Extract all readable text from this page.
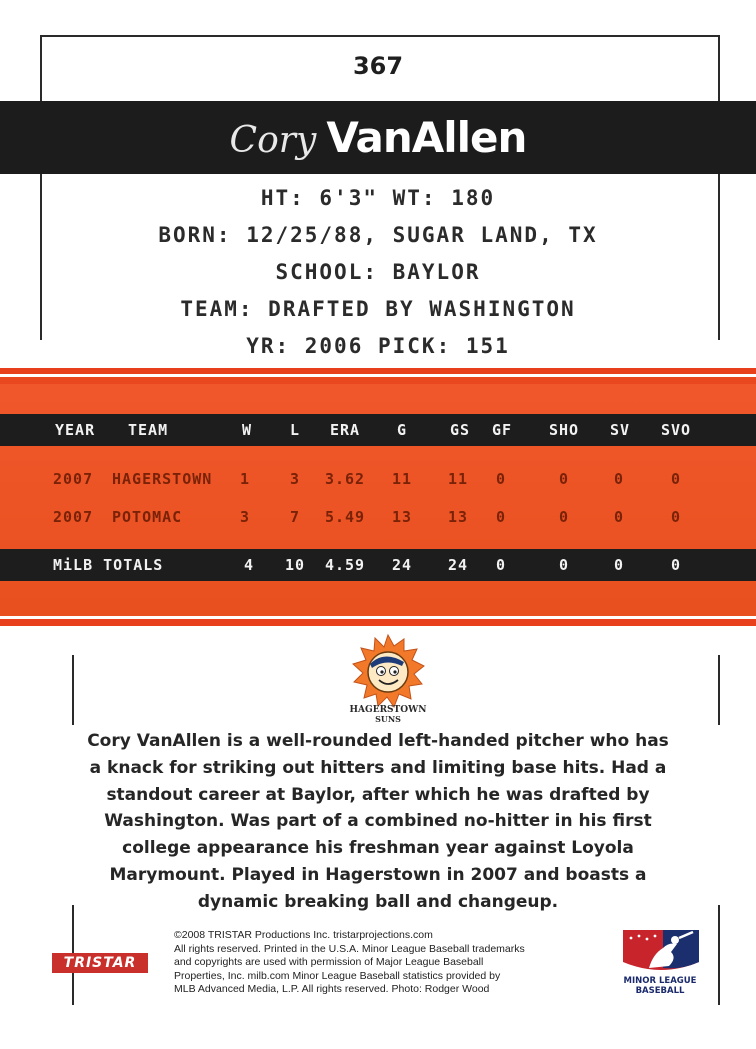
367
Cory VanAllen
HT: 6'3" WT: 180
BORN: 12/25/88, SUGAR LAND, TX
SCHOOL: BAYLOR
TEAM: DRAFTED BY WASHINGTON
YR: 2006 PICK: 151
YEAR TEAM	W	L ERA G	GS GF SHO SV SVO
2007 HAGERSTOWN 1	3 3.62 11 11 0	0	0	0
2007 POTOMAC	3	7 5.49 13 13 0	0	0	0
MiLB TOTALS	4 10 4.59 24 24 0	0	0	0
HAGERSTOWN
SUNS
Cory VanAllen is a well-rounded left-handed pitcher who has
a knack for striking out hitters and limiting base hits. Had a
standout career at Baylor, after which he was drafted by
Washington. Was part of a combined no-hitter in his first
college appearance his freshman year against Loyola
Marymount. Played in Hagerstown in 2007 and boasts a
dynamic breaking ball and changeup.
TRISTAR
©2008 TRISTAR Productions Inc. tristarprojections.com
All rights reserved. Printed in the U.S.A. Minor League Baseball trademarks
and copyrights are used with permission of Major League Baseball
Properties, Inc. milb.com Minor League Baseball statistics provided by
MLB Advanced Media, L.P. All rights reserved. Photo: Rodger Wood
MINOR LEAGUE
BASEBALL
